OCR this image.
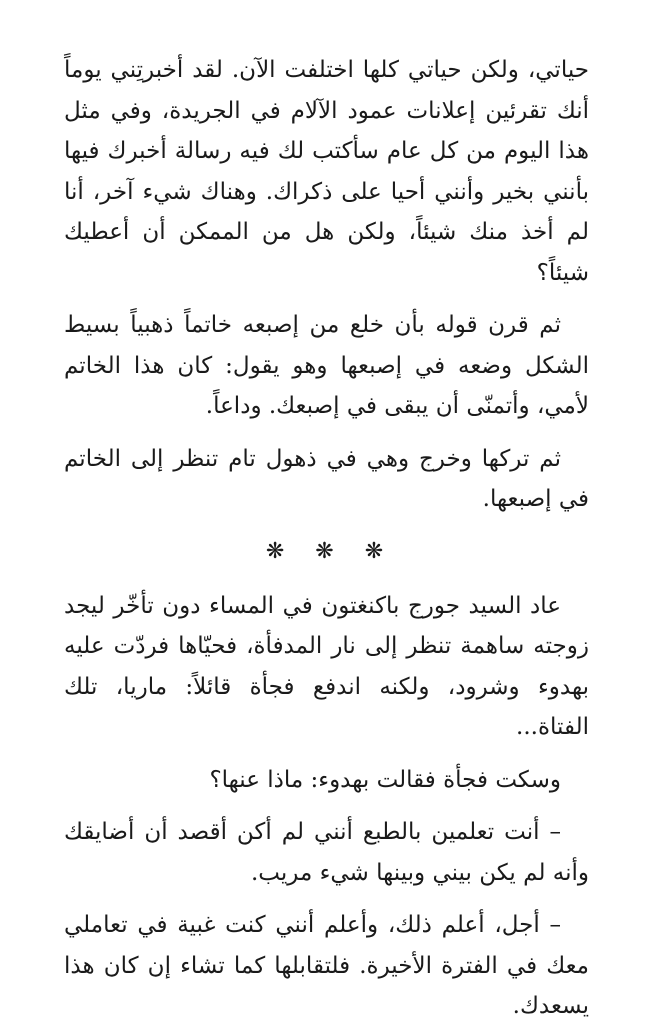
حياتي، ولكن حياتي كلها اختلفت الآن. لقد أخبرتِني يوماً أنك تقرئين إعلانات عمود الآلام في الجريدة، وفي مثل هذا اليوم من كل عام سأكتب لك فيه رسالة أخبرك فيها بأنني بخير وأنني أحيا على ذكراك. وهناك شيء آخر، أنا لم أخذ منك شيئاً، ولكن هل من الممكن أن أعطيك شيئاً؟

ثم قرن قوله بأن خلع من إصبعه خاتماً ذهبياً بسيط الشكل وضعه في إصبعها وهو يقول: كان هذا الخاتم لأمي، وأتمنّى أن يبقى في إصبعك. وداعاً.

ثم تركها وخرج وهي في ذهول تام تنظر إلى الخاتم في إصبعها.

❋ ❋ ❋

عاد السيد جورج باكنغتون في المساء دون تأخّر ليجد زوجته ساهمة تنظر إلى نار المدفأة، فحيّاها فردّت عليه بهدوء وشرود، ولكنه اندفع فجأة قائلاً: ماريا، تلك الفتاة...

وسكت فجأة فقالت بهدوء: ماذا عنها؟

– أنت تعلمين بالطبع أنني لم أكن أقصد أن أضايقك وأنه لم يكن بيني وبينها شيء مريب.

– أجل، أعلم ذلك، وأعلم أنني كنت غبية في تعاملي معك في الفترة الأخيرة. فلتقابلها كما تشاء إن كان هذا يسعدك.
